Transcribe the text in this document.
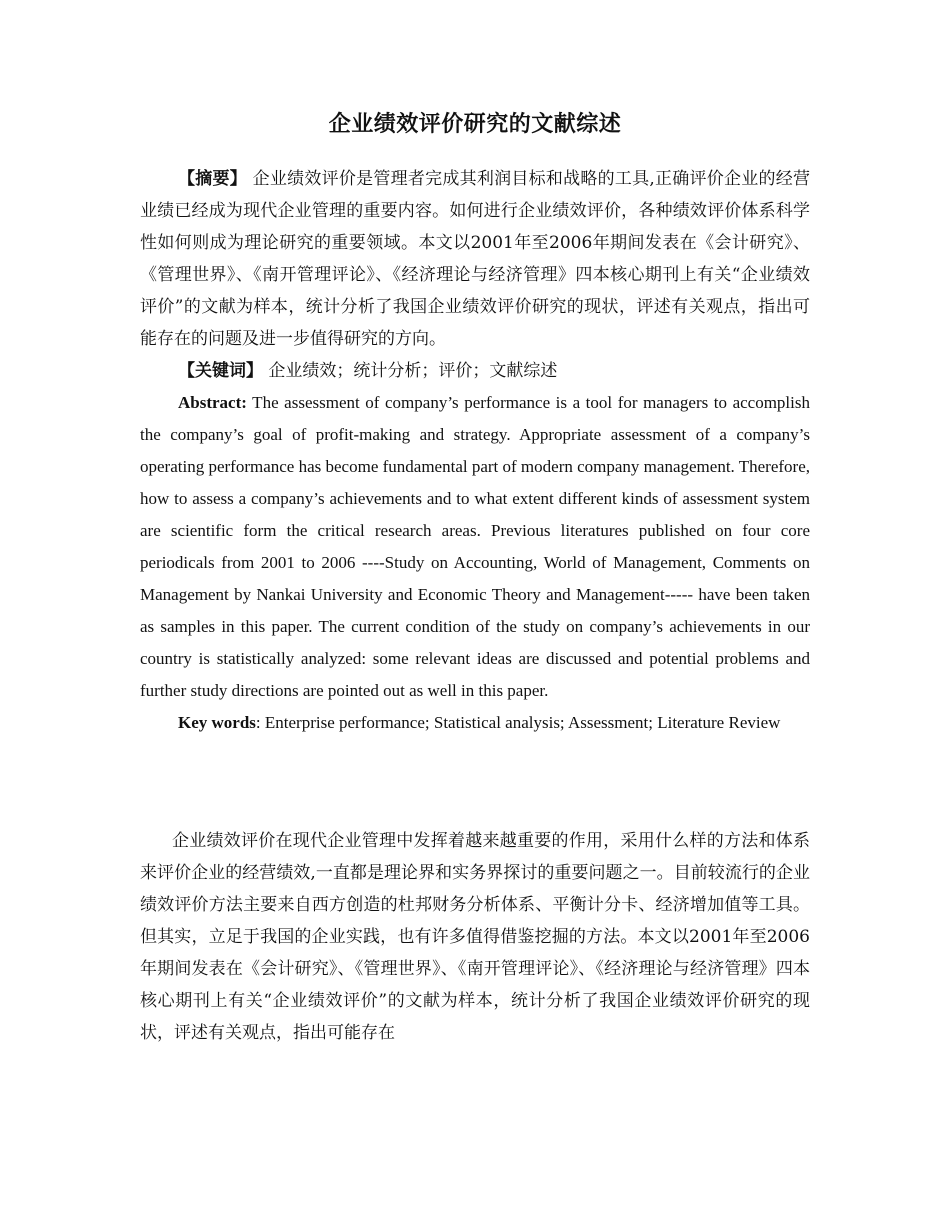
企业绩效评价研究的文献综述

【摘要】 企业绩效评价是管理者完成其利润目标和战略的工具,正确评价企业的经营业绩已经成为现代企业管理的重要内容。如何进行企业绩效评价，各种绩效评价体系科学性如何则成为理论研究的重要领域。本文以2001年至2006年期间发表在《会计研究》、《管理世界》、《南开管理评论》、《经济理论与经济管理》四本核心期刊上有关“企业绩效评价”的文献为样本，统计分析了我国企业绩效评价研究的现状，评述有关观点，指出可能存在的问题及进一步值得研究的方向。

【关键词】 企业绩效；统计分析；评价；文献综述

Abstract: The assessment of company’s performance is a tool for managers to accomplish the company’s goal of profit-making and strategy. Appropriate assessment of a company’s operating performance has become fundamental part of modern company management. Therefore, how to assess a company’s achievements and to what extent different kinds of assessment system are scientific form the critical research areas. Previous literatures published on four core periodicals from 2001 to 2006 ----Study on Accounting, World of Management, Comments on Management by Nankai University and Economic Theory and Management----- have been taken as samples in this paper. The current condition of the study on company’s achievements in our country is statistically analyzed: some relevant ideas are discussed and potential problems and further study directions are pointed out as well in this paper.

Key words: Enterprise performance; Statistical analysis; Assessment; Literature Review

企业绩效评价在现代企业管理中发挥着越来越重要的作用，采用什么样的方法和体系来评价企业的经营绩效,一直都是理论界和实务界探讨的重要问题之一。目前较流行的企业绩效评价方法主要来自西方创造的杜邦财务分析体系、平衡计分卡、经济增加值等工具。但其实，立足于我国的企业实践，也有许多值得借鉴挖掘的方法。本文以2001年至2006年期间发表在《会计研究》、《管理世界》、《南开管理评论》、《经济理论与经济管理》四本核心期刊上有关“企业绩效评价”的文献为样本，统计分析了我国企业绩效评价研究的现状，评述有关观点，指出可能存在
